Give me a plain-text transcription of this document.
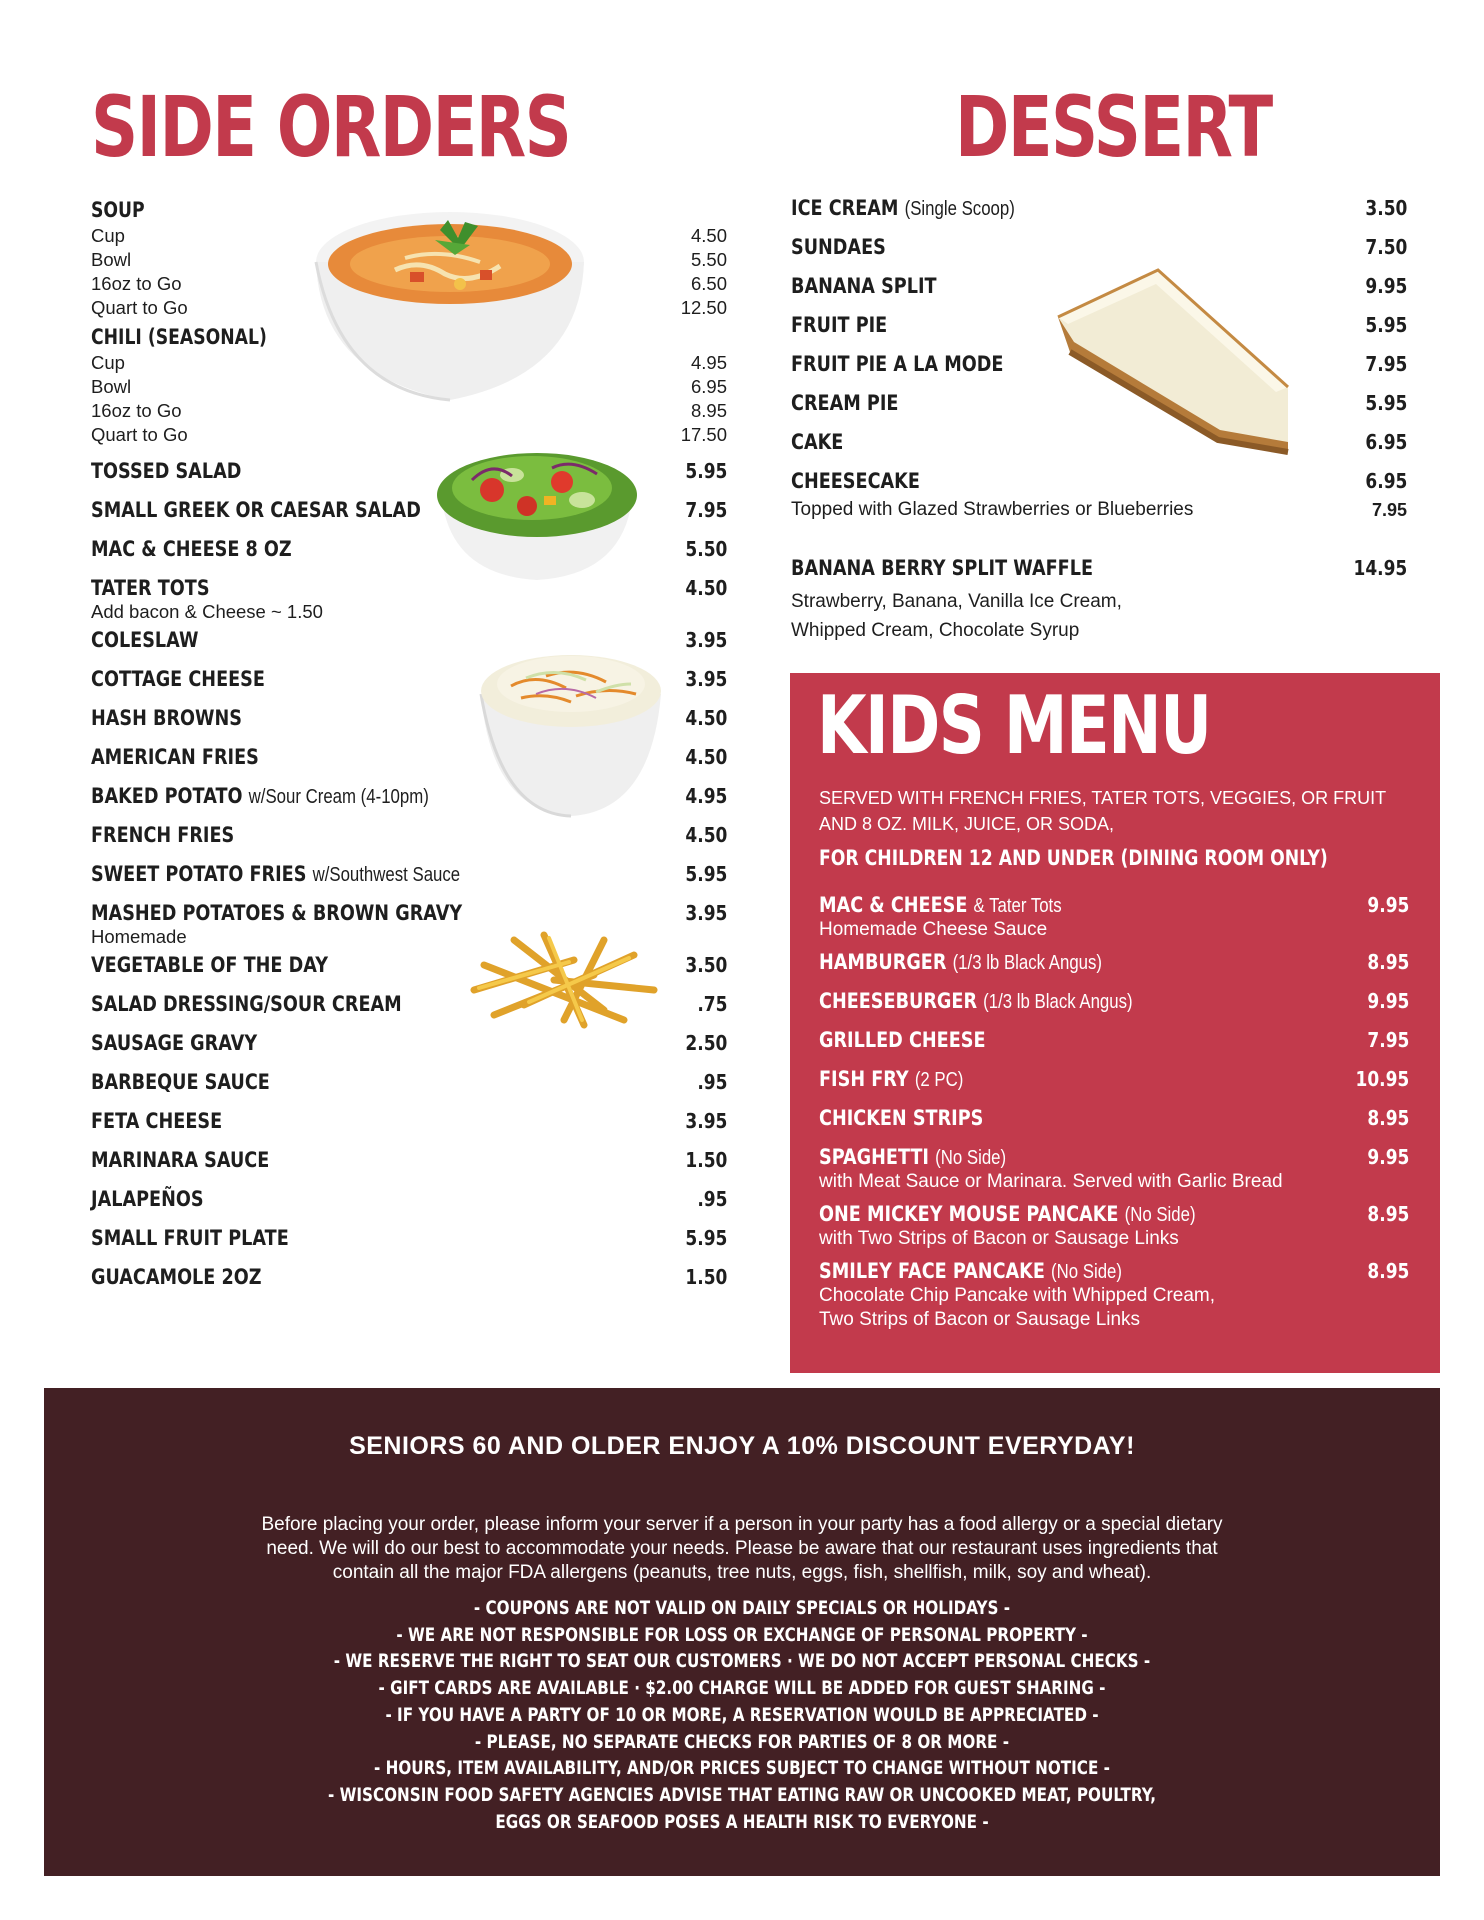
SIDE ORDERS	DESSERT
SOUP
Cup	4.50
Bowl	5.50
16oz to Go	6.50
Quart to Go	12.50
CHILI (SEASONAL)
Cup	4.95
Bowl	6.95
16oz to Go	8.95
Quart to Go	17.50
TOSSED SALAD	5.95
SMALL GREEK OR CAESAR SALAD	7.95
MAC & CHEESE 8 OZ	5.50
TATER TOTS	4.50
Add bacon & Cheese ~ 1.50
COLESLAW	3.95
COTTAGE CHEESE	3.95
HASH BROWNS	4.50
AMERICAN FRIES	4.50
BAKED POTATO w/Sour Cream (4-10pm)	4.95
FRENCH FRIES	4.50
SWEET POTATO FRIES w/Southwest Sauce	5.95
MASHED POTATOES & BROWN GRAVY	3.95
Homemade
VEGETABLE OF THE DAY	3.50
SALAD DRESSING/SOUR CREAM	.75
SAUSAGE GRAVY	2.50
BARBEQUE SAUCE	.95
FETA CHEESE	3.95
MARINARA SAUCE	1.50
JALAPEÑOS	.95
SMALL FRUIT PLATE	5.95
GUACAMOLE 2OZ	1.50
ICE CREAM (Single Scoop)	3.50
SUNDAES	7.50
BANANA SPLIT	9.95
FRUIT PIE	5.95
FRUIT PIE A LA MODE	7.95
CREAM PIE	5.95
CAKE	6.95
CHEESECAKE	6.95
Topped with Glazed Strawberries or Blueberries	7.95
BANANA BERRY SPLIT WAFFLE	14.95
Strawberry, Banana, Vanilla Ice Cream,
Whipped Cream, Chocolate Syrup
KIDS MENU
SERVED WITH FRENCH FRIES, TATER TOTS, VEGGIES, OR FRUIT
AND 8 OZ. MILK, JUICE, OR SODA,
FOR CHILDREN 12 AND UNDER (DINING ROOM ONLY)
MAC & CHEESE & Tater Tots	9.95
Homemade Cheese Sauce
HAMBURGER (1/3 lb Black Angus)	8.95
CHEESEBURGER (1/3 lb Black Angus)	9.95
GRILLED CHEESE	7.95
FISH FRY (2 PC)	10.95
CHICKEN STRIPS	8.95
SPAGHETTI (No Side)	9.95
with Meat Sauce or Marinara. Served with Garlic Bread
ONE MICKEY MOUSE PANCAKE (No Side)	8.95
with Two Strips of Bacon or Sausage Links
SMILEY FACE PANCAKE (No Side)	8.95
Chocolate Chip Pancake with Whipped Cream,
Two Strips of Bacon or Sausage Links
SENIORS 60 AND OLDER ENJOY A 10% DISCOUNT EVERYDAY!
Before placing your order, please inform your server if a person in your party has a food allergy or a special dietary
need. We will do our best to accommodate your needs. Please be aware that our restaurant uses ingredients that
contain all the major FDA allergens (peanuts, tree nuts, eggs, fish, shellfish, milk, soy and wheat).
- COUPONS ARE NOT VALID ON DAILY SPECIALS OR HOLIDAYS -
- WE ARE NOT RESPONSIBLE FOR LOSS OR EXCHANGE OF PERSONAL PROPERTY -
- WE RESERVE THE RIGHT TO SEAT OUR CUSTOMERS · WE DO NOT ACCEPT PERSONAL CHECKS -
- GIFT CARDS ARE AVAILABLE · $2.00 CHARGE WILL BE ADDED FOR GUEST SHARING -
- IF YOU HAVE A PARTY OF 10 OR MORE, A RESERVATION WOULD BE APPRECIATED -
- PLEASE, NO SEPARATE CHECKS FOR PARTIES OF 8 OR MORE -
- HOURS, ITEM AVAILABILITY, AND/OR PRICES SUBJECT TO CHANGE WITHOUT NOTICE -
- WISCONSIN FOOD SAFETY AGENCIES ADVISE THAT EATING RAW OR UNCOOKED MEAT, POULTRY,
EGGS OR SEAFOOD POSES A HEALTH RISK TO EVERYONE -
